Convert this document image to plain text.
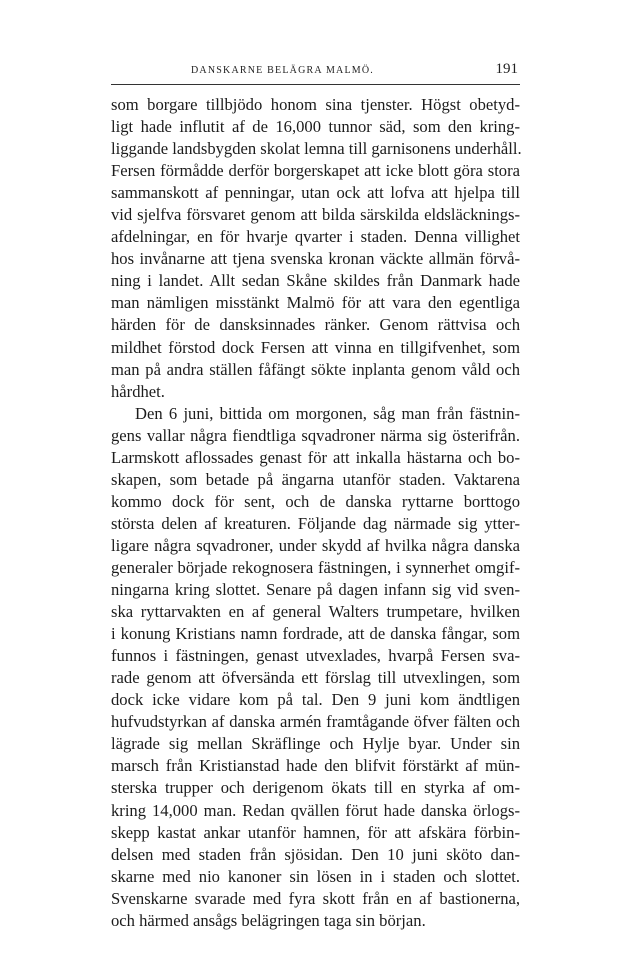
DANSKARNE BELÄGRA MALMÖ.	191
som borgare tillbjödo honom sina tjenster. Högst obetyd-
ligt hade influtit af de 16,000 tunnor säd, som den kring-
liggande landsbygden skolat lemna till garnisonens underhåll.
Fersen förmådde derför borgerskapet att icke blott göra stora
sammanskott af penningar, utan ock att lofva att hjelpa till
vid sjelfva försvaret genom att bilda särskilda eldsläcknings-
afdelningar, en för hvarje qvarter i staden. Denna villighet
hos invånarne att tjena svenska kronan väckte allmän förvå-
ning i landet. Allt sedan Skåne skildes från Danmark hade
man nämligen misstänkt Malmö för att vara den egentliga
härden för de dansksinnades ränker. Genom rättvisa och
mildhet förstod dock Fersen att vinna en tillgifvenhet, som
man på andra ställen fåfängt sökte inplanta genom våld och
hårdhet.
Den 6 juni, bittida om morgonen, såg man från fästnin-
gens vallar några fiendtliga sqvadroner närma sig österifrån.
Larmskott aflossades genast för att inkalla hästarna och bo-
skapen, som betade på ängarna utanför staden. Vaktarena
kommo dock för sent, och de danska ryttarne borttogo
största delen af kreaturen. Följande dag närmade sig ytter-
ligare några sqvadroner, under skydd af hvilka några danska
generaler började rekognosera fästningen, i synnerhet omgif-
ningarna kring slottet. Senare på dagen infann sig vid sven-
ska ryttarvakten en af general Walters trumpetare, hvilken
i konung Kristians namn fordrade, att de danska fångar, som
funnos i fästningen, genast utvexlades, hvarpå Fersen sva-
rade genom att öfversända ett förslag till utvexlingen, som
dock icke vidare kom på tal. Den 9 juni kom ändtligen
hufvudstyrkan af danska armén framtågande öfver fälten och
lägrade sig mellan Skräflinge och Hylje byar. Under sin
marsch från Kristianstad hade den blifvit förstärkt af mün-
sterska trupper och derigenom ökats till en styrka af om-
kring 14,000 man. Redan qvällen förut hade danska örlogs-
skepp kastat ankar utanför hamnen, för att afskära förbin-
delsen med staden från sjösidan. Den 10 juni sköto dan-
skarne med nio kanoner sin lösen in i staden och slottet.
Svenskarne svarade med fyra skott från en af bastionerna,
och härmed ansågs belägringen taga sin början.
